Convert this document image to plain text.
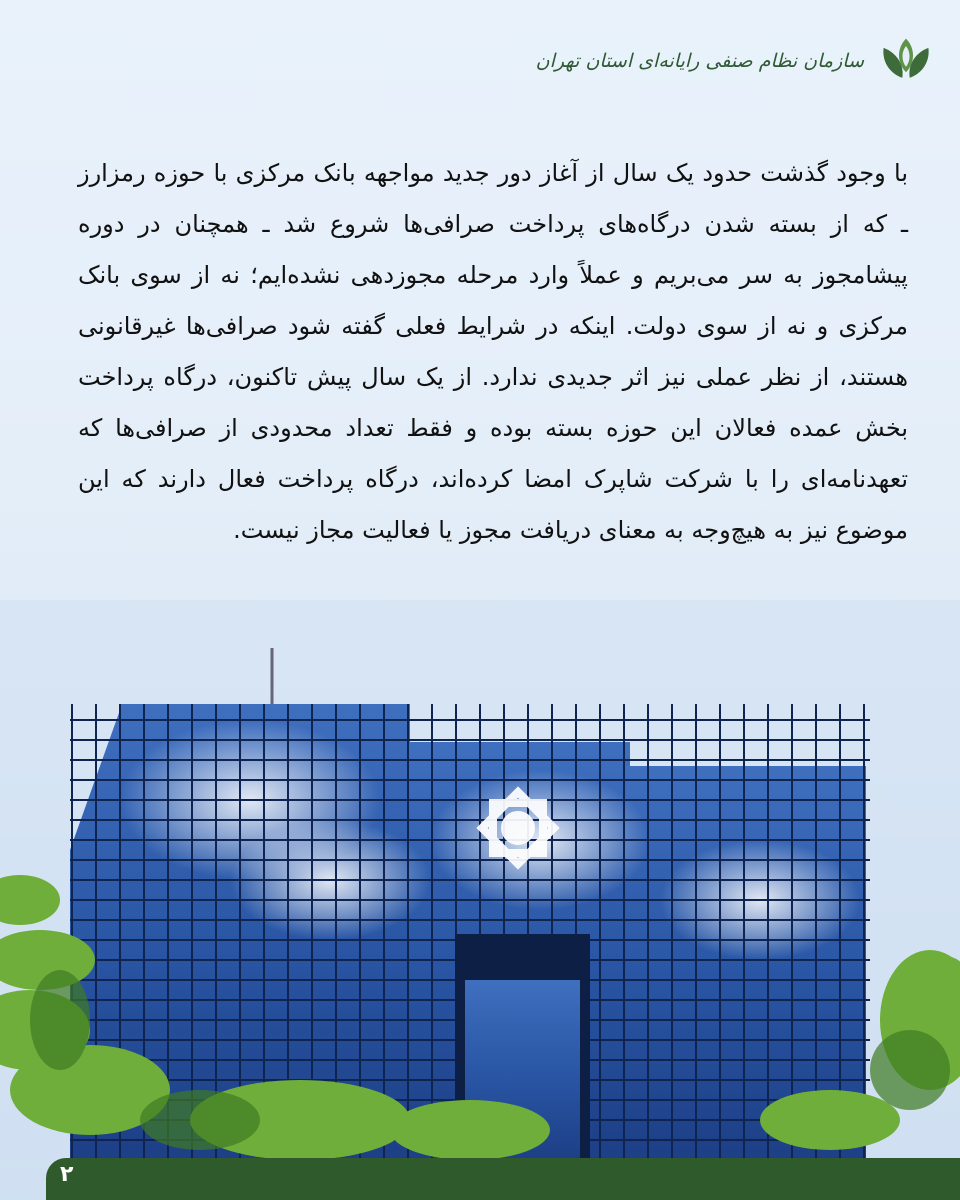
سازمان نظام صنفی رایانه‌ای استان تهران

با وجود گذشت حدود یک سال از آغاز دور جدید مواجهه بانک مرکزی با حوزه رمزارز ـ که از بسته شدن درگاه‌های پرداخت صرافی‌ها شروع شد ـ همچنان در دوره پیشامجوز به سر می‌بریم و عملاً وارد مرحله مجوزدهی نشده‌ایم؛ نه از سوی بانک مرکزی و نه از سوی دولت. اینکه در شرایط فعلی گفته شود صرافی‌ها غیرقانونی هستند، از نظر عملی نیز اثر جدیدی ندارد. از یک سال پیش تاکنون، درگاه پرداخت بخش عمده فعالان این حوزه بسته بوده و فقط تعداد محدودی از صرافی‌ها که تعهدنامه‌ای را با شرکت شاپرک امضا کرده‌اند، درگاه پرداخت فعال دارند که این موضوع نیز به هیچ‌وجه به معنای دریافت مجوز یا فعالیت مجاز نیست.

۲
